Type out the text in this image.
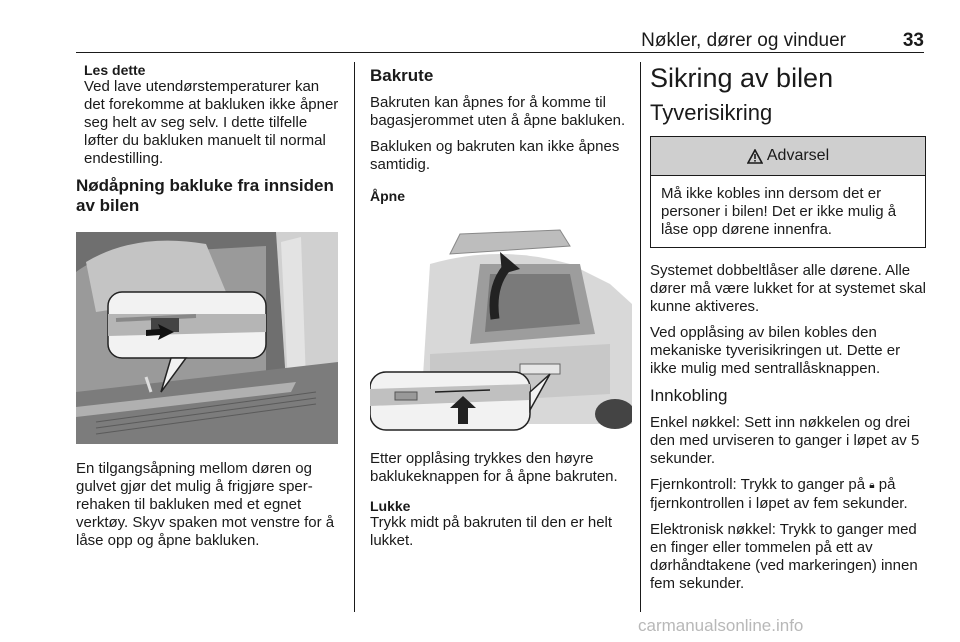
Nøkler, dører og vinduer	33
Les dette
Ved lave utendørstemperaturer kan det forekomme at bakluken ikke åpner seg helt av seg selv. I dette tilfelle løfter du bakluken manuelt til normal endestilling.
Nødåpning bakluke fra innsiden av bilen
En tilgangsåpning mellom døren og gulvet gjør det mulig å frigjøre sperrehaken til bakluken med et egnet verktøy. Skyv spaken mot venstre for å låse opp og åpne bakluken.
Bakrute
Bakruten kan åpnes for å komme til bagasjerommet uten å åpne bakluken.
Bakluken og bakruten kan ikke åpnes samtidig.
Åpne
Etter opplåsing trykkes den høyre baklukeknappen for å åpne bakruten.
Lukke
Trykk midt på bakruten til den er helt lukket.
Sikring av bilen
Tyverisikring
Advarsel
Må ikke kobles inn dersom det er personer i bilen! Det er ikke mulig å låse opp dørene innenfra.
Systemet dobbeltlåser alle dørene. Alle dører må være lukket for at systemet skal kunne aktiveres.
Ved opplåsing av bilen kobles den mekaniske tyverisikringen ut. Dette er ikke mulig med sentrallåsknappen.
Innkobling
Enkel nøkkel: Sett inn nøkkelen og drei den med urviseren to ganger i løpet av 5 sekunder.
Fjernkontroll: Trykk to ganger på 🔒︎ på fjernkontrollen i løpet av fem sekunder.
Elektronisk nøkkel: Trykk to ganger med en finger eller tommelen på ett av dørhåndtakene (ved markeringen) innen fem sekunder.
carmanualsonline.info
